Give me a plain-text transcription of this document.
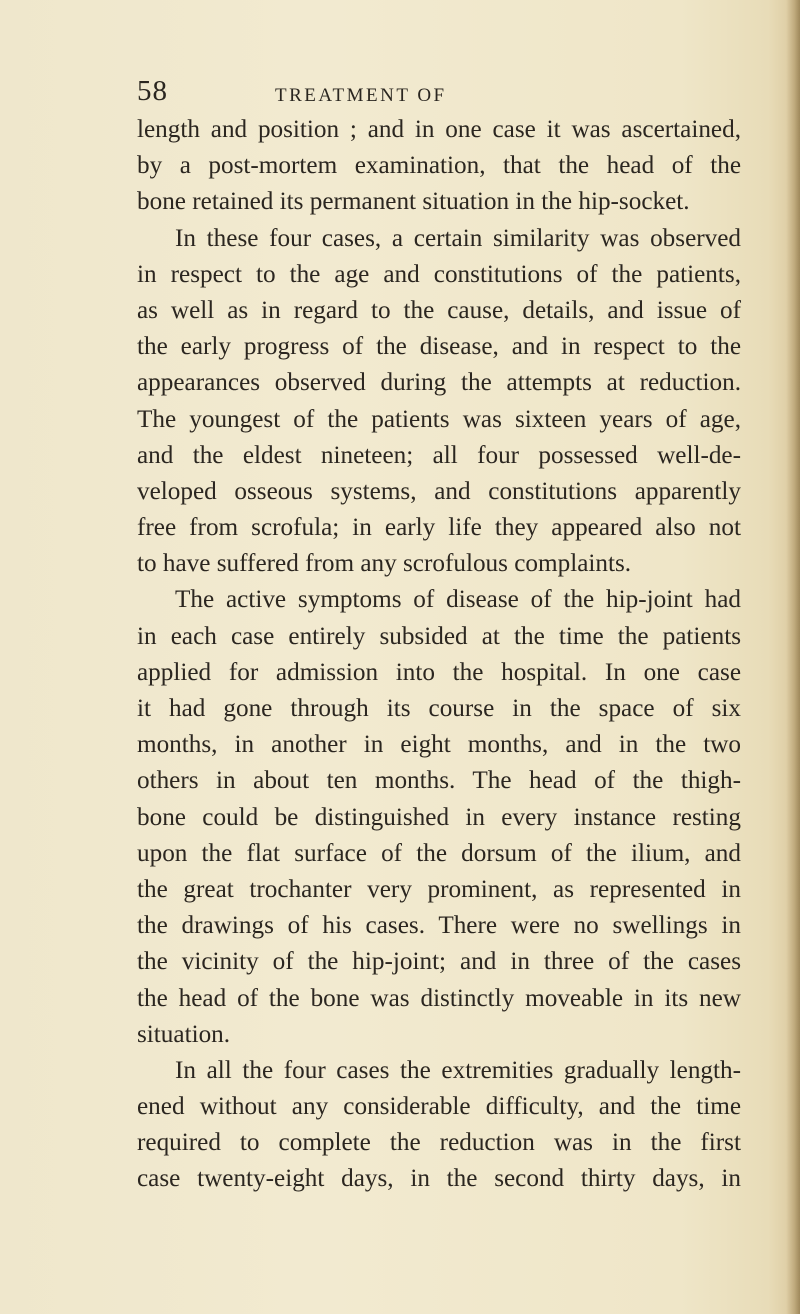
58	TREATMENT OF
length and position ; and in one case it was ascertained,
by a post-mortem examination, that the head of the
bone retained its permanent situation in the hip-socket.
In these four cases, a certain similarity was observed
in respect to the age and constitutions of the patients,
as well as in regard to the cause, details, and issue of
the early progress of the disease, and in respect to the
appearances observed during the attempts at reduction.
The youngest of the patients was sixteen years of age,
and the eldest nineteen; all four possessed well-de-
veloped osseous systems, and constitutions apparently
free from scrofula; in early life they appeared also not
to have suffered from any scrofulous complaints.
The active symptoms of disease of the hip-joint had
in each case entirely subsided at the time the patients
applied for admission into the hospital. In one case
it had gone through its course in the space of six
months, in another in eight months, and in the two
others in about ten months. The head of the thigh-
bone could be distinguished in every instance resting
upon the flat surface of the dorsum of the ilium, and
the great trochanter very prominent, as represented in
the drawings of his cases. There were no swellings in
the vicinity of the hip-joint; and in three of the cases
the head of the bone was distinctly moveable in its new
situation.
In all the four cases the extremities gradually length-
ened without any considerable difficulty, and the time
required to complete the reduction was in the first
case twenty-eight days, in the second thirty days, in
